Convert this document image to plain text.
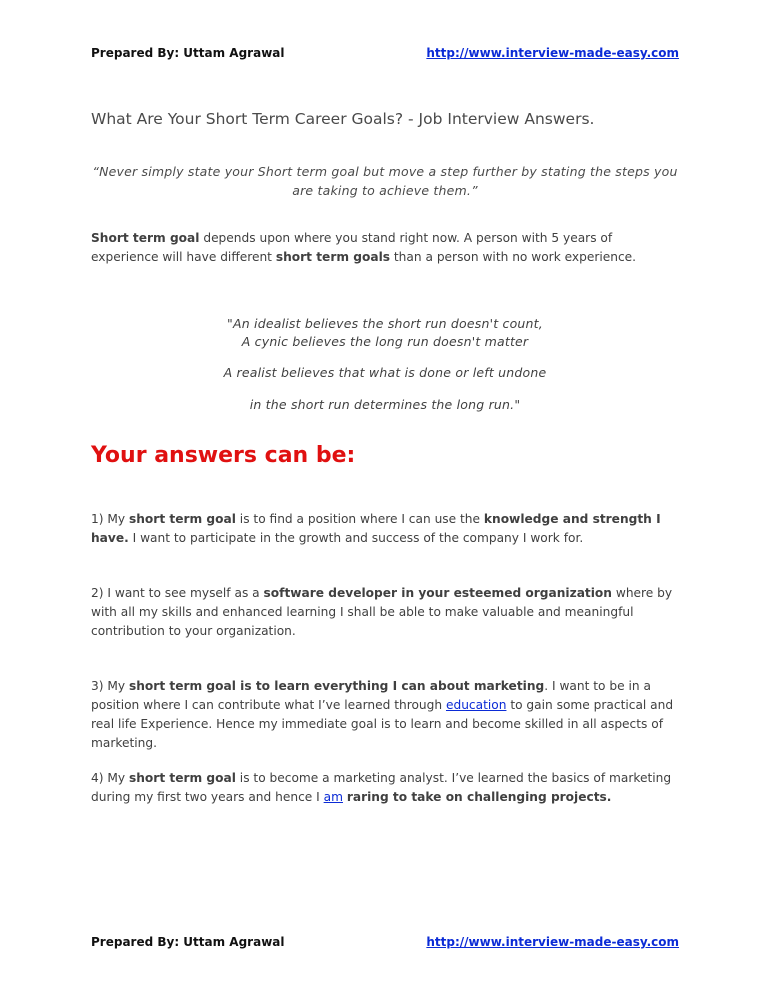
Prepared By: Uttam Agrawal	http://www.interview-made-easy.com
What Are Your Short Term Career Goals? - Job Interview Answers.
“Never simply state your Short term goal but move a step further by stating the steps you
are taking to achieve them.”
Short term goal depends upon where you stand right now. A person with 5 years of experience will have different short term goals than a person with no work experience.
"An idealist believes the short run doesn't count,
A cynic believes the long run doesn't matter
A realist believes that what is done or left undone
in the short run determines the long run."
Your answers can be:
1) My short term goal is to find a position where I can use the knowledge and strength I have. I want to participate in the growth and success of the company I work for.
2) I want to see myself as a software developer in your esteemed organization where by with all my skills and enhanced learning I shall be able to make valuable and meaningful contribution to your organization.
3) My short term goal is to learn everything I can about marketing. I want to be in a position where I can contribute what I’ve learned through education to gain some practical and real life Experience. Hence my immediate goal is to learn and become skilled in all aspects of marketing.
4) My short term goal is to become a marketing analyst. I’ve learned the basics of marketing during my first two years and hence I am raring to take on challenging projects.
Prepared By: Uttam Agrawal	http://www.interview-made-easy.com
